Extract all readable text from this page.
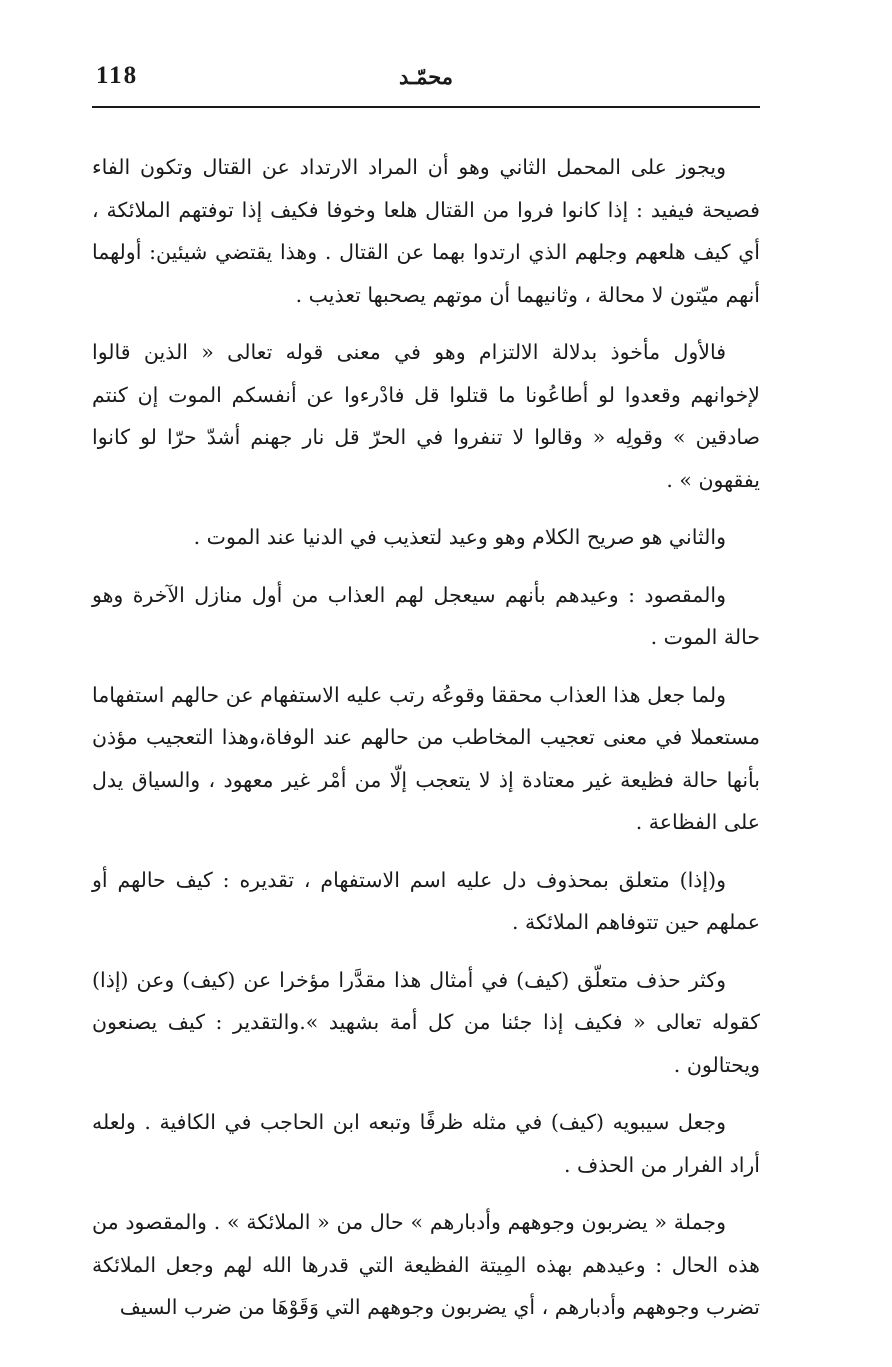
118	محمّـد

ويجوز على المحمل الثاني وهو أن المراد الارتداد عن القتال وتكون الفاء فصيحة فيفيد : إذا كانوا فروا من القتال هلعا وخوفا فكيف إذا توفتهم الملائكة ، أي كيف هلعهم وجلهم الذي ارتدوا بهما عن القتال . وهذا يقتضي شيئين: أولهما أنهم ميّتون لا محالة ، وثانيهما أن موتهم يصحبها تعذيب .

فالأول مأخوذ بدلالة الالتزام وهو في معنى قوله تعالى « الذين قالوا لإخوانهم وقعدوا لو أطاعُونا ما قتلوا قل فادْرءوا عن أنفسكم الموت إن كنتم صادقين » وقولِه « وقالوا لا تنفروا في الحرّ قل نار جهنم أشدّ حرّا لو كانوا يفقهون » .

والثاني هو صريح الكلام وهو وعيد لتعذيب في الدنيا عند الموت .

والمقصود : وعيدهم بأنهم سيعجل لهم العذاب من أول منازل الآخرة وهو حالة الموت .

ولما جعل هذا العذاب محققا وقوعُه رتب عليه الاستفهام عن حالهم استفهاما مستعملا في معنى تعجيب المخاطب من حالهم عند الوفاة،وهذا التعجيب مؤذن بأنها حالة فظيعة غير معتادة إذ لا يتعجب إلّا من أمْر غير معهود ، والسياق يدل على الفظاعة .

و(إذا) متعلق بمحذوف دل عليه اسم الاستفهام ، تقديره : كيف حالهم أو عملهم حين تتوفاهم الملائكة .

وكثر حذف متعلّق (كيف) في أمثال هذا مقدَّرا مؤخرا عن (كيف) وعن (إذا) كقوله تعالى « فكيف إذا جئنا من كل أمة بشهيد ».والتقدير : كيف يصنعون ويحتالون .

وجعل سيبويه (كيف) في مثله ظرفًا وتبعه ابن الحاجب في الكافية . ولعله أراد الفرار من الحذف .

وجملة « يضربون وجوههم وأدبارهم » حال من « الملائكة » . والمقصود من هذه الحال : وعيدهم بهذه المِيتة الفظيعة التي قدرها الله لهم وجعل الملائكة تضرب وجوههم وأدبارهم ، أي يضربون وجوههم التي وَقَوْهَا من ضرب السيف
